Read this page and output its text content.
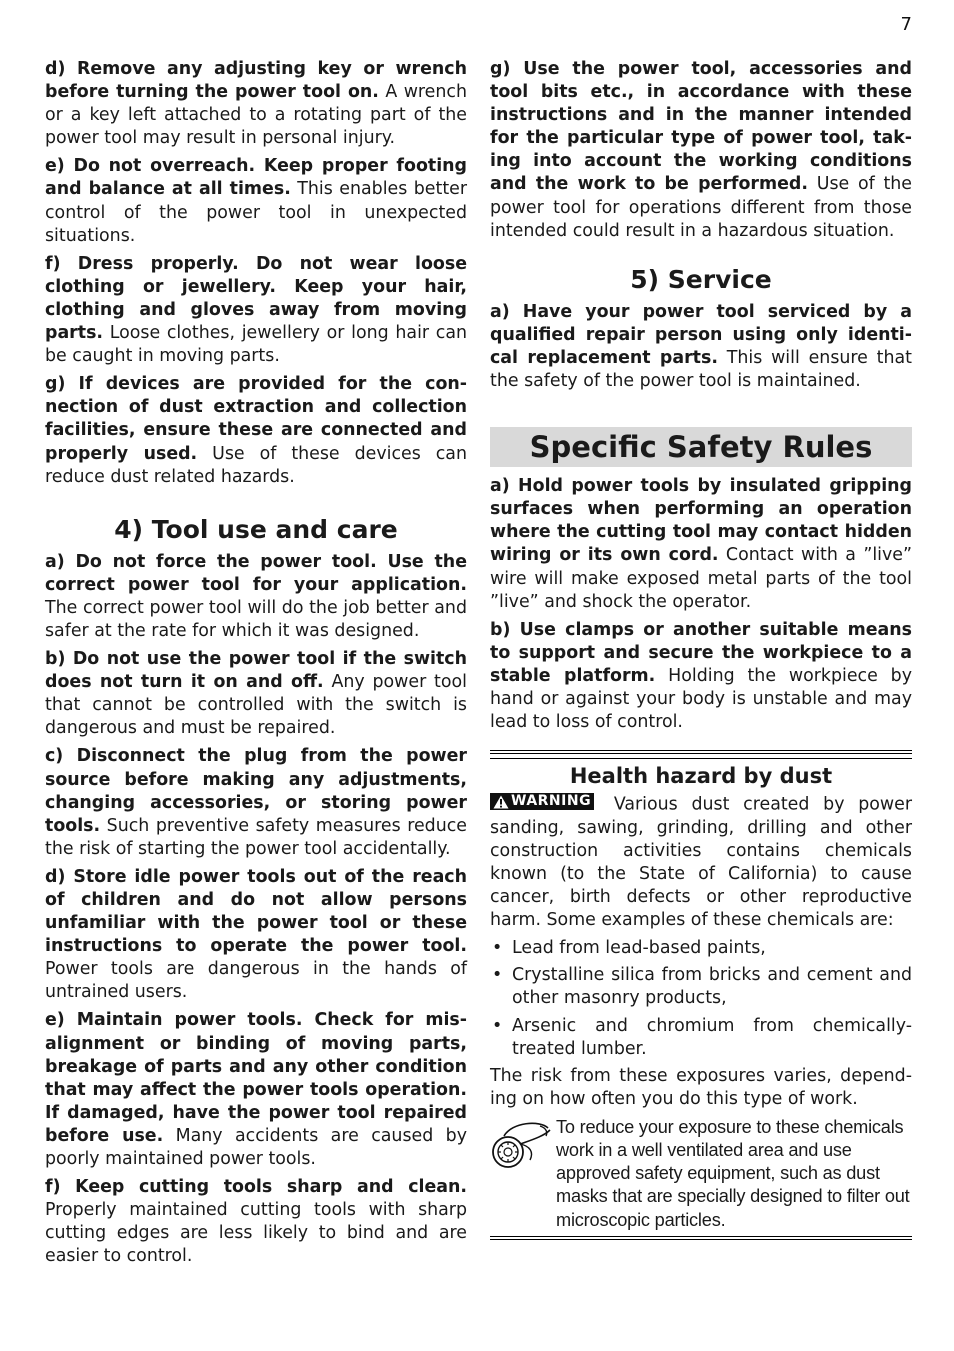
7

d) Remove any adjusting key or wrench before turning the power tool on. A wrench or a key left attached to a rotating part of the power tool may result in personal injury.

e) Do not overreach. Keep proper footing and balance at all times. This enables better control of the power tool in unexpected situations.

f) Dress properly. Do not wear loose clothing or jewellery. Keep your hair, clothing and gloves away from moving parts. Loose clothes, jewellery or long hair can be caught in moving parts.

g) If devices are provided for the connection of dust extraction and collection facilities, ensure these are connected and properly used. Use of these devices can reduce dust related hazards.

4) Tool use and care

a) Do not force the power tool. Use the correct power tool for your application. The correct power tool will do the job better and safer at the rate for which it was designed.

b) Do not use the power tool if the switch does not turn it on and off. Any power tool that cannot be controlled with the switch is dangerous and must be repaired.

c) Disconnect the plug from the power source before making any adjustments, changing accessories, or storing power tools. Such preventive safety measures reduce the risk of starting the power tool accidentally.

d) Store idle power tools out of the reach of children and do not allow persons unfamiliar with the power tool or these instructions to operate the power tool. Power tools are dangerous in the hands of untrained users.

e) Maintain power tools. Check for misalignment or binding of moving parts, breakage of parts and any other condition that may affect the power tools operation. If damaged, have the power tool repaired before use. Many accidents are caused by poorly maintained power tools.

f) Keep cutting tools sharp and clean. Properly maintained cutting tools with sharp cutting edges are less likely to bind and are easier to control.

g) Use the power tool, accessories and tool bits etc., in accordance with these instructions and in the manner intended for the particular type of power tool, taking into account the working conditions and the work to be performed. Use of the power tool for operations different from those intended could result in a hazardous situation.

5) Service

a) Have your power tool serviced by a qualified repair person using only identical replacement parts. This will ensure that the safety of the power tool is maintained.

Specific Safety Rules

a) Hold power tools by insulated gripping surfaces when performing an operation where the cutting tool may contact hidden wiring or its own cord. Contact with a ”live” wire will make exposed metal parts of the tool ”live” and shock the operator.

b) Use clamps or another suitable means to support and secure the workpiece to a stable platform. Holding the workpiece by hand or against your body is unstable and may lead to loss of control.

Health hazard by dust

WARNING Various dust created by power sanding, sawing, grinding, drilling and other construction activities contains chemicals known (to the State of California) to cause cancer, birth defects or other reproductive harm. Some examples of these chemicals are:

• Lead from lead-based paints,
• Crystalline silica from bricks and cement and other masonry products,
• Arsenic and chromium from chemically-treated lumber.

The risk from these exposures varies, depending on how often you do this type of work.

To reduce your exposure to these chemicals work in a well ventilated area and use approved safety equipment, such as dust masks that are specially designed to filter out microscopic particles.
